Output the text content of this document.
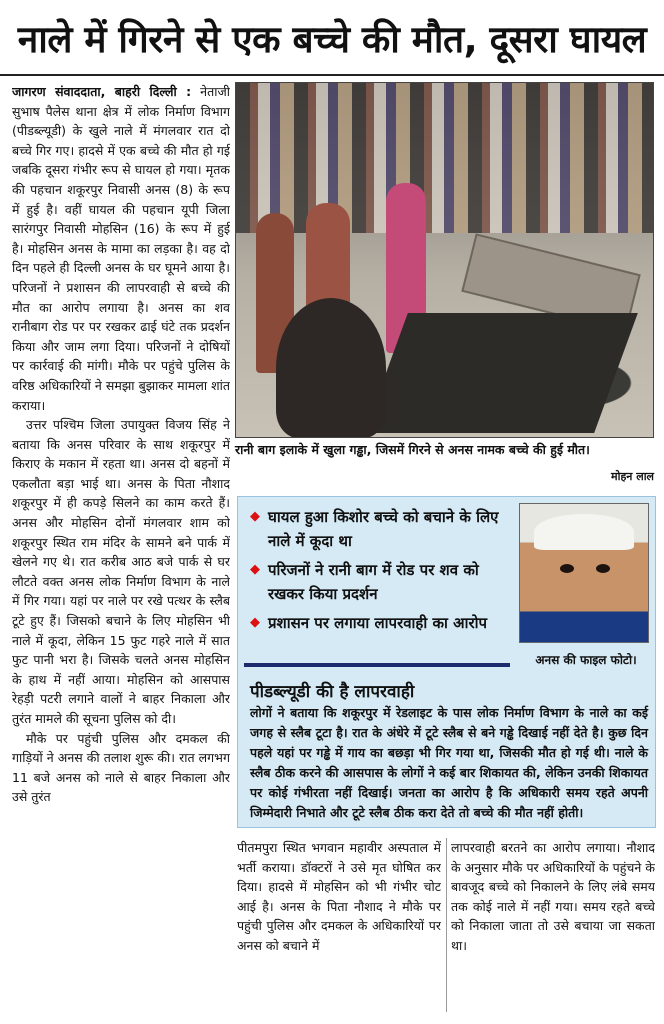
नाले में गिरने से एक बच्चे की मौत, दूसरा घायल

जागरण संवाददाता, बाहरी दिल्ली : नेताजी सुभाष पैलेस थाना क्षेत्र में लोक निर्माण विभाग (पीडब्ल्यूडी) के खुले नाले में मंगलवार रात दो बच्चे गिर गए। हादसे में एक बच्चे की मौत हो गई जबकि दूसरा गंभीर रूप से घायल हो गया। मृतक की पहचान शकूरपुर निवासी अनस (8) के रूप में हुई है। वहीं घायल की पहचान यूपी जिला सारंगपुर निवासी मोहसिन (16) के रूप में हुई है। मोहसिन अनस के मामा का लड़का है। वह दो दिन पहले ही दिल्ली अनस के घर घूमने आया है। परिजनों ने प्रशासन की लापरवाही से बच्चे की मौत का आरोप लगाया है। अनस का शव रानीबाग रोड पर पर रखकर ढाई घंटे तक प्रदर्शन किया और जाम लगा दिया। परिजनों ने दोषियों पर कार्रवाई की मांगी। मौके पर पहुंचे पुलिस के वरिष्ठ अधिकारियों ने समझा बुझाकर मामला शांत कराया।

उत्तर पश्चिम जिला उपायुक्त विजय सिंह ने बताया कि अनस परिवार के साथ शकूरपुर में किराए के मकान में रहता था। अनस दो बहनों में एकलौता बड़ा भाई था। अनस के पिता नौशाद शकूरपुर में ही कपड़े सिलने का काम करते हैं। अनस और मोहसिन दोनों मंगलवार शाम को शकूरपुर स्थित राम मंदिर के सामने बने पार्क में खेलने गए थे। रात करीब आठ बजे पार्क से घर लौटते वक्त अनस लोक निर्माण विभाग के नाले में गिर गया। यहां पर नाले पर रखे पत्थर के स्लैब टूटे हुए हैं। जिसको बचाने के लिए मोहसिन भी नाले में कूदा, लेकिन 15 फुट गहरे नाले में सात फुट पानी भरा है। जिसके चलते अनस मोहसिन के हाथ में नहीं आया। मोहसिन को आसपास रेहड़ी पटरी लगाने वालों ने बाहर निकाला और तुरंत मामले की सूचना पुलिस को दी।

मौके पर पहुंची पुलिस और दमकल की गाड़ियों ने अनस की तलाश शुरू की। रात लगभग 11 बजे अनस को नाले से बाहर निकाला और उसे तुरंत

रानी बाग इलाके में खुला गड्ढा, जिसमें गिरने से अनस नामक बच्चे की हुई मौत।
मोहन लाल
◆ घायल हुआ किशोर बच्चे को बचाने के लिए नाले में कूदा था
◆ परिजनों ने रानी बाग में रोड पर शव को रखकर किया प्रदर्शन
◆ प्रशासन पर लगाया लापरवाही का आरोप
अनस की फाइल फोटो।
पीडब्ल्यूडी की है लापरवाही
लोगों ने बताया कि शकूरपुर में रेडलाइट के पास लोक निर्माण विभाग के नाले का कई जगह से स्लैब टूटा है। रात के अंधेरे में टूटे स्लैब से बने गड्ढे दिखाई नहीं देते है। कुछ दिन पहले यहां पर गड्ढे में गाय का बछड़ा भी गिर गया था, जिसकी मौत हो गई थी। नाले के स्लैब ठीक करने की आसपास के लोगों ने कई बार शिकायत की, लेकिन उनकी शिकायत पर कोई गंभीरता नहीं दिखाई। जनता का आरोप है कि अधिकारी समय रहते अपनी जिम्मेदारी निभाते और टूटे स्लैब ठीक करा देते तो बच्चे की मौत नहीं होती।
पीतमपुरा स्थित भगवान महावीर अस्पताल में भर्ती कराया। डॉक्टरों ने उसे मृत घोषित कर दिया। हादसे में मोहसिन को भी गंभीर चोट आई है। अनस के पिता नौशाद ने मौके पर पहुंची पुलिस और दमकल के अधिकारियों पर अनस को बचाने में
लापरवाही बरतने का आरोप लगाया। नौशाद के अनुसार मौके पर अधिकारियों के पहुंचने के बावजूद बच्चे को निकालने के लिए लंबे समय तक कोई नाले में नहीं गया। समय रहते बच्चे को निकाला जाता तो उसे बचाया जा सकता था।
